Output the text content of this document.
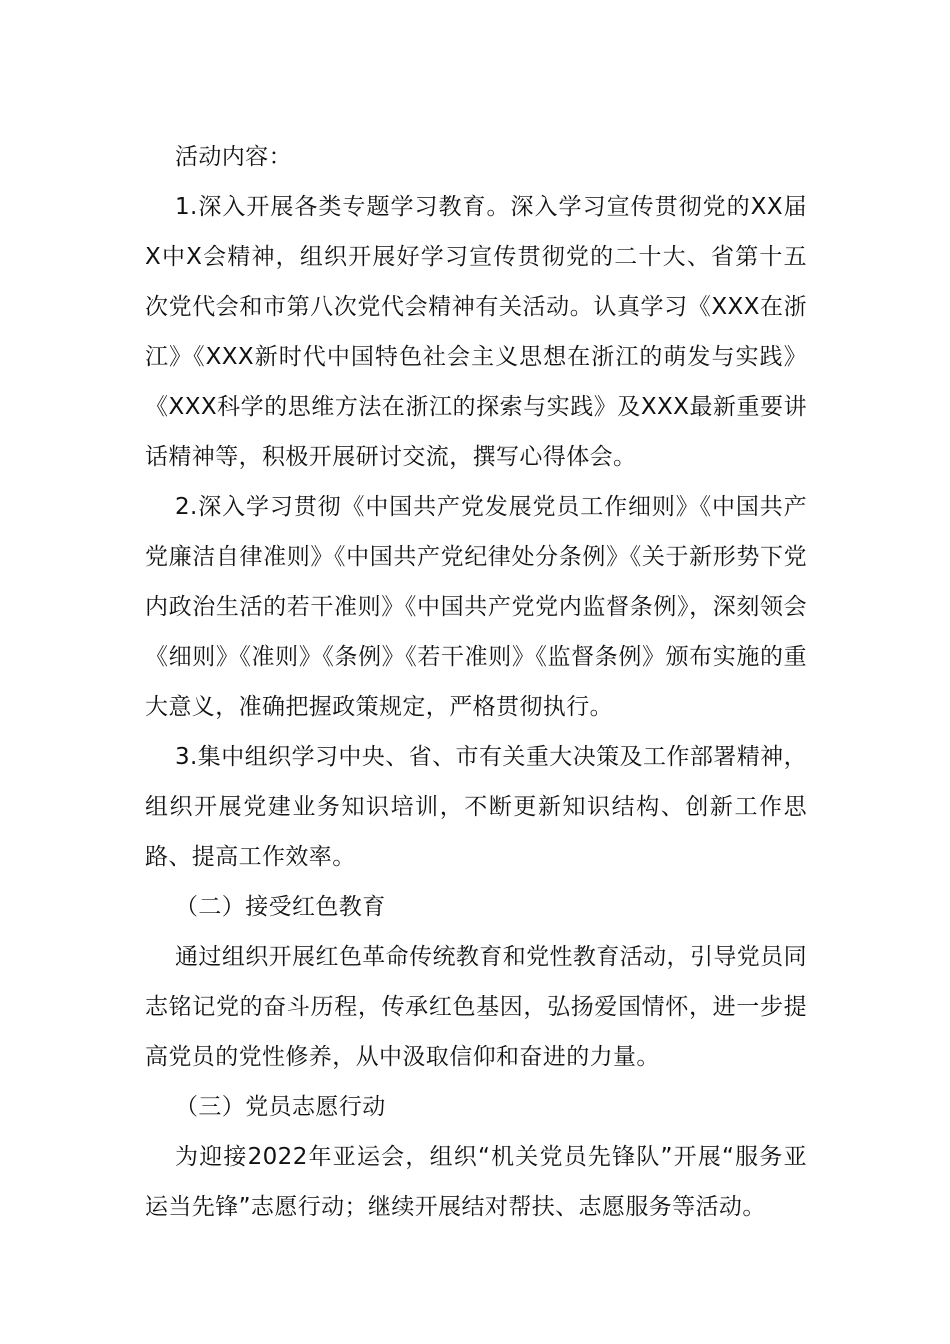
活动内容：

1.深入开展各类专题学习教育。深入学习宣传贯彻党的XX届X中X会精神，组织开展好学习宣传贯彻党的二十大、省第十五次党代会和市第八次党代会精神有关活动。认真学习《XXX在浙江》《XXX新时代中国特色社会主义思想在浙江的萌发与实践》《XXX科学的思维方法在浙江的探索与实践》及XXX最新重要讲话精神等，积极开展研讨交流，撰写心得体会。

2.深入学习贯彻《中国共产党发展党员工作细则》《中国共产党廉洁自律准则》《中国共产党纪律处分条例》《关于新形势下党内政治生活的若干准则》《中国共产党党内监督条例》，深刻领会《细则》《准则》《条例》《若干准则》《监督条例》颁布实施的重大意义，准确把握政策规定，严格贯彻执行。

3.集中组织学习中央、省、市有关重大决策及工作部署精神，组织开展党建业务知识培训，不断更新知识结构、创新工作思路、提高工作效率。

（二）接受红色教育

通过组织开展红色革命传统教育和党性教育活动，引导党员同志铭记党的奋斗历程，传承红色基因，弘扬爱国情怀，进一步提高党员的党性修养，从中汲取信仰和奋进的力量。

（三）党员志愿行动

为迎接2022年亚运会，组织“机关党员先锋队”开展“服务亚运当先锋”志愿行动；继续开展结对帮扶、志愿服务等活动。
